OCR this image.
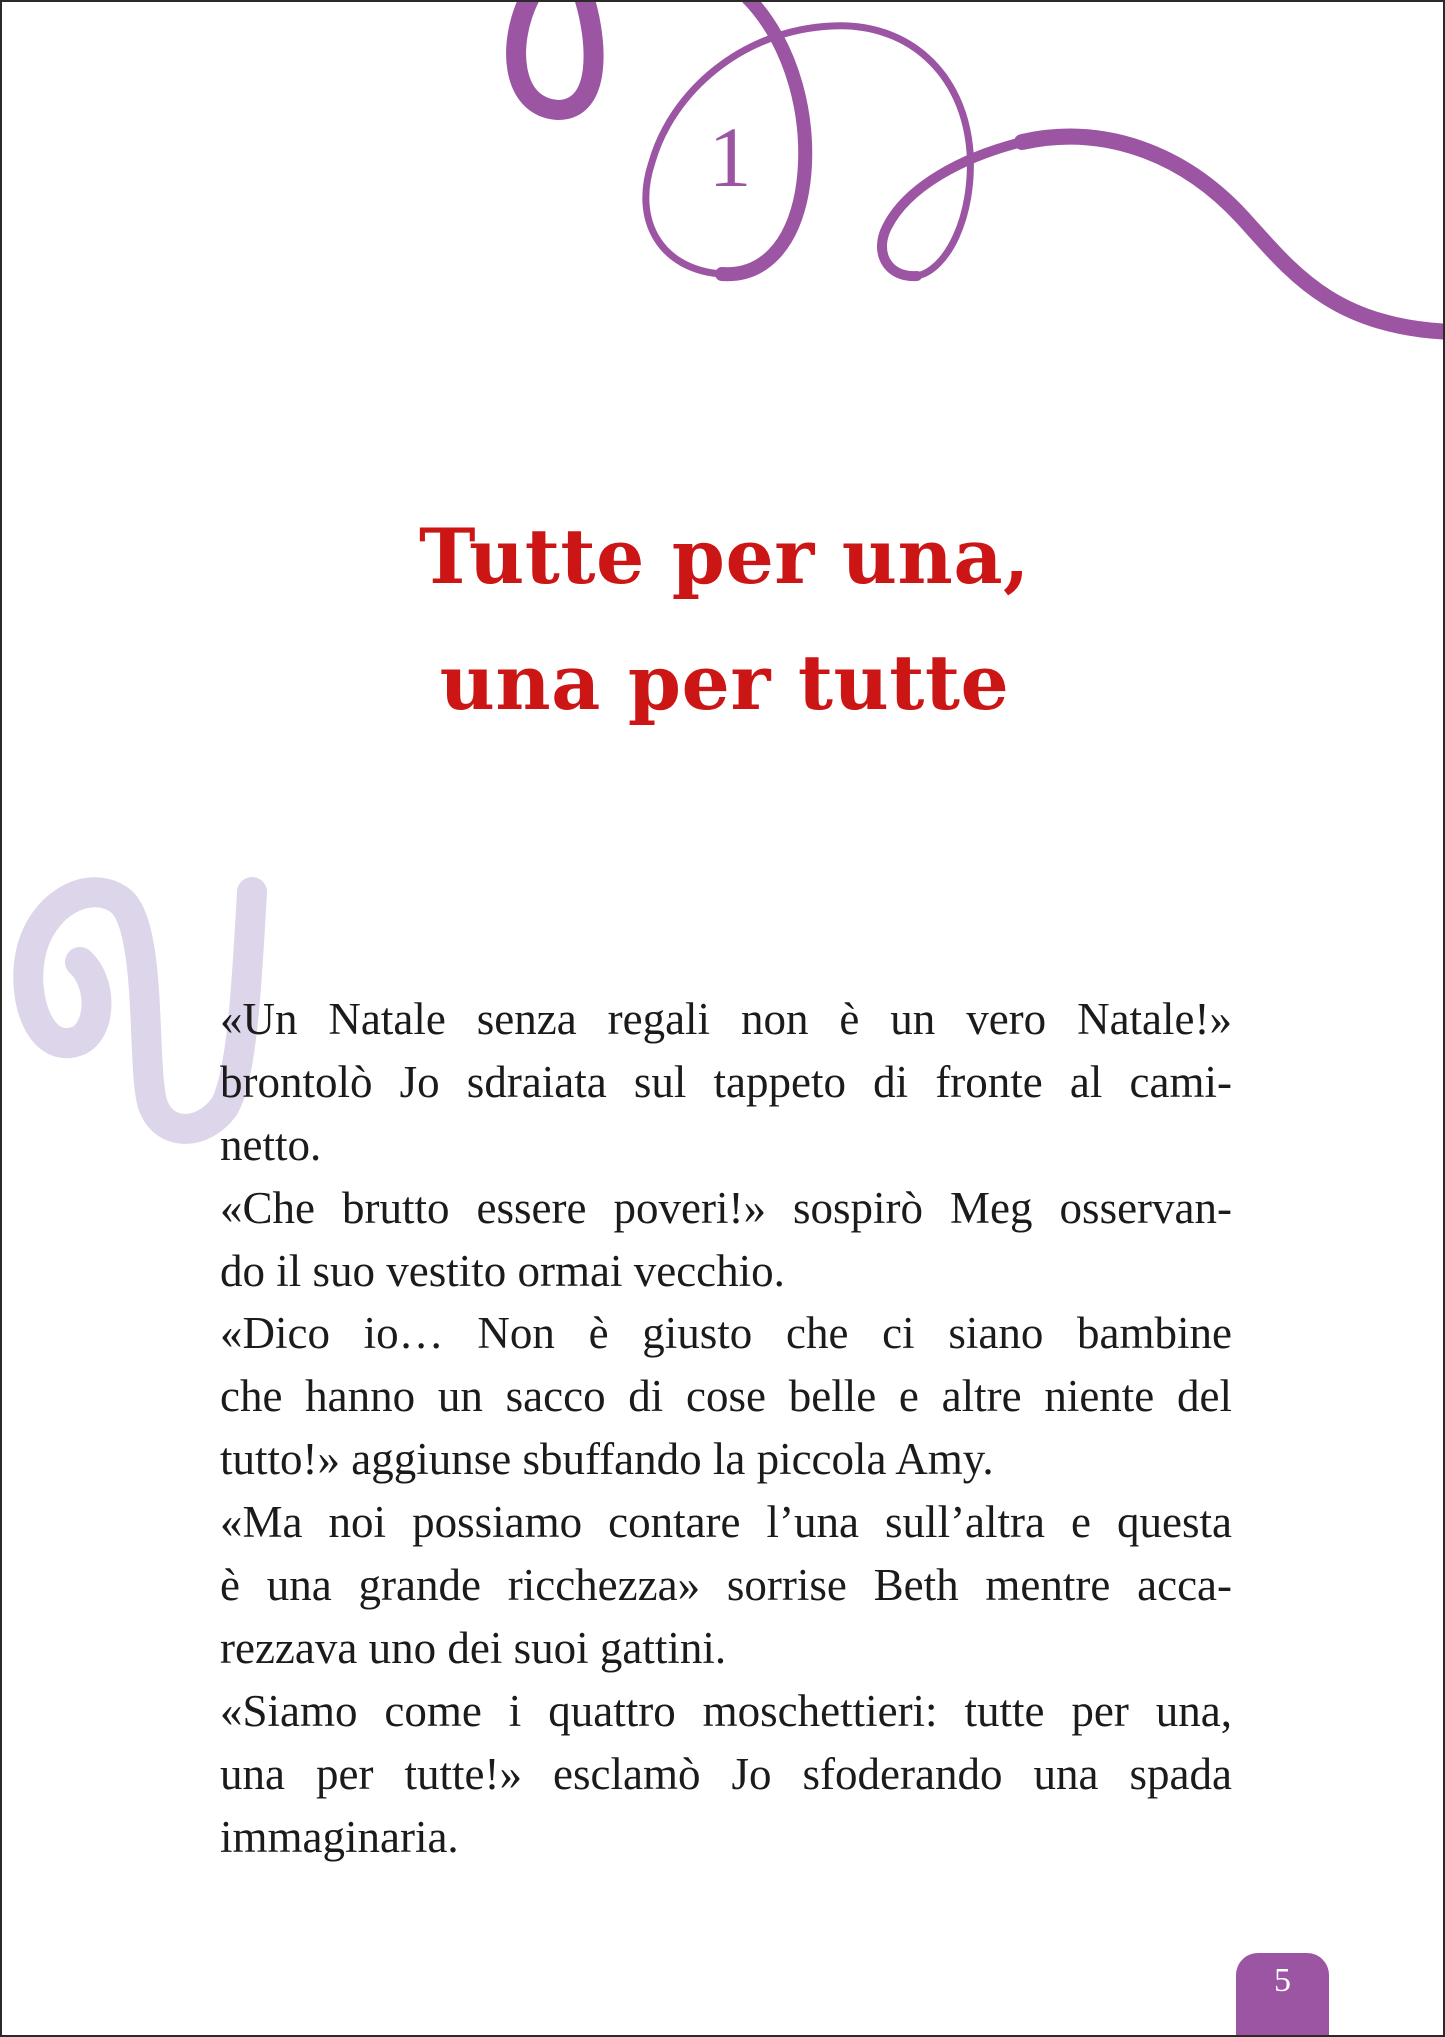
1
Tutte per una,
una per tutte
«Un Natale senza regali non è un vero Natale!»
brontolò Jo sdraiata sul tappeto di fronte al cami-
netto.
«Che brutto essere poveri!» sospirò Meg osservan-
do il suo vestito ormai vecchio.
«Dico io… Non è giusto che ci siano bambine
che hanno un sacco di cose belle e altre niente del
tutto!» aggiunse sbuffando la piccola Amy.
«Ma noi possiamo contare l’una sull’altra e questa
è una grande ricchezza» sorrise Beth mentre acca-
rezzava uno dei suoi gattini.
«Siamo come i quattro moschettieri: tutte per una,
una per tutte!» esclamò Jo sfoderando una spada
immaginaria.
5
